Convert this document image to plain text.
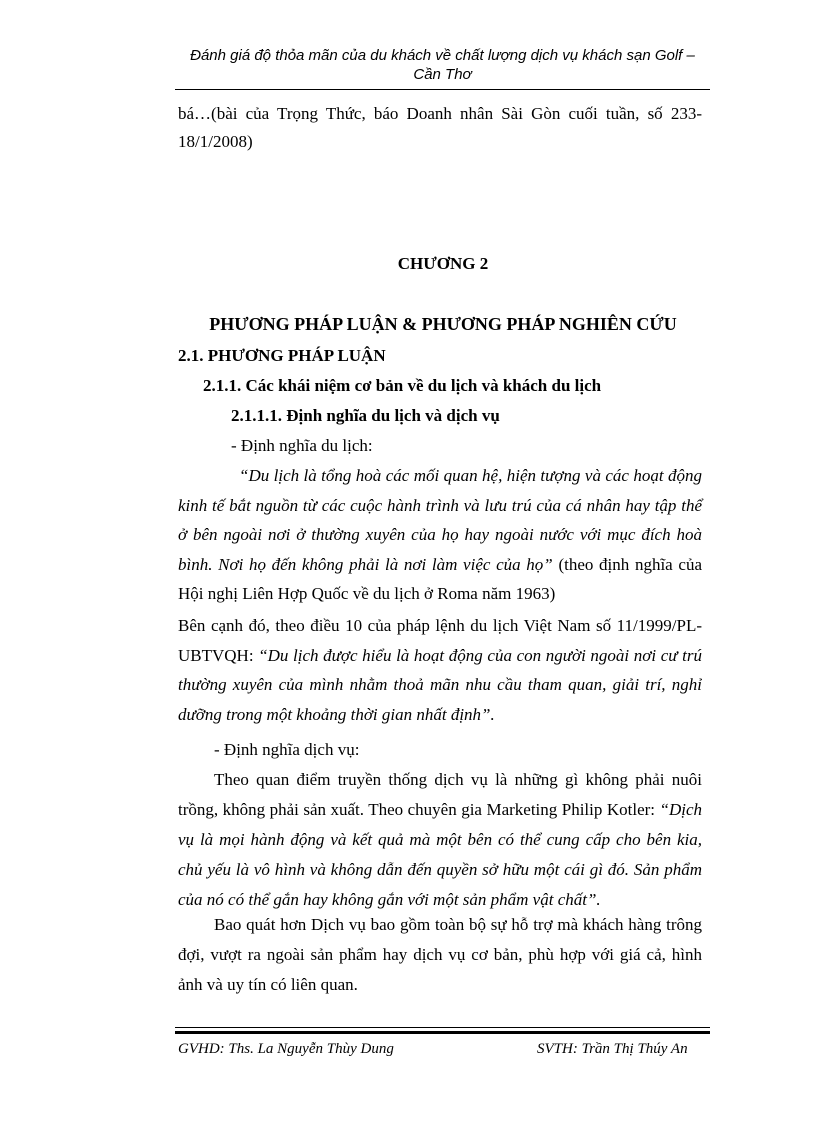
Đánh giá độ thỏa mãn của du khách về chất lượng dịch vụ khách sạn Golf –
Cần Thơ
bá…(bài của Trọng Thức, báo Doanh nhân Sài Gòn cuối tuần, số 233-18/1/2008)
CHƯƠNG 2
PHƯƠNG PHÁP LUẬN & PHƯƠNG PHÁP NGHIÊN CỨU
2.1. PHƯƠNG PHÁP LUẬN
2.1.1. Các khái niệm cơ bản về du lịch và khách du lịch
2.1.1.1. Định nghĩa du lịch và dịch vụ
- Định nghĩa du lịch:
“Du lịch là tổng hoà các mối quan hệ, hiện tượng và các hoạt động kinh tế bắt nguồn từ các cuộc hành trình và lưu trú của cá nhân hay tập thể ở bên ngoài nơi ở thường xuyên của họ hay ngoài nước với mục đích hoà bình. Nơi họ đến không phải là nơi làm việc của họ” (theo định nghĩa của Hội nghị Liên Hợp Quốc về du lịch ở Roma năm 1963)
Bên cạnh đó, theo điều 10 của pháp lệnh du lịch Việt Nam số 11/1999/PL-UBTVQH: “Du lịch được hiểu là hoạt động của con người ngoài nơi cư trú thường xuyên của mình nhằm thoả mãn nhu cầu tham quan, giải trí, nghỉ dưỡng trong một khoảng thời gian nhất định”.
- Định nghĩa dịch vụ:
Theo quan điểm truyền thống dịch vụ là những gì không phải nuôi trồng, không phải sản xuất. Theo chuyên gia Marketing Philip Kotler: “Dịch vụ là mọi hành động và kết quả mà một bên có thể cung cấp cho bên kia, chủ yếu là vô hình và không dẫn đến quyền sở hữu một cái gì đó. Sản phẩm của nó có thể gắn hay không gắn với một sản phẩm vật chất”.
Bao quát hơn Dịch vụ bao gồm toàn bộ sự hỗ trợ mà khách hàng trông đợi, vượt ra ngoài sản phẩm hay dịch vụ cơ bản, phù hợp với giá cả, hình ảnh và uy tín có liên quan.
GVHD: Ths. La Nguyễn Thùy Dung	SVTH: Trần Thị Thúy An
